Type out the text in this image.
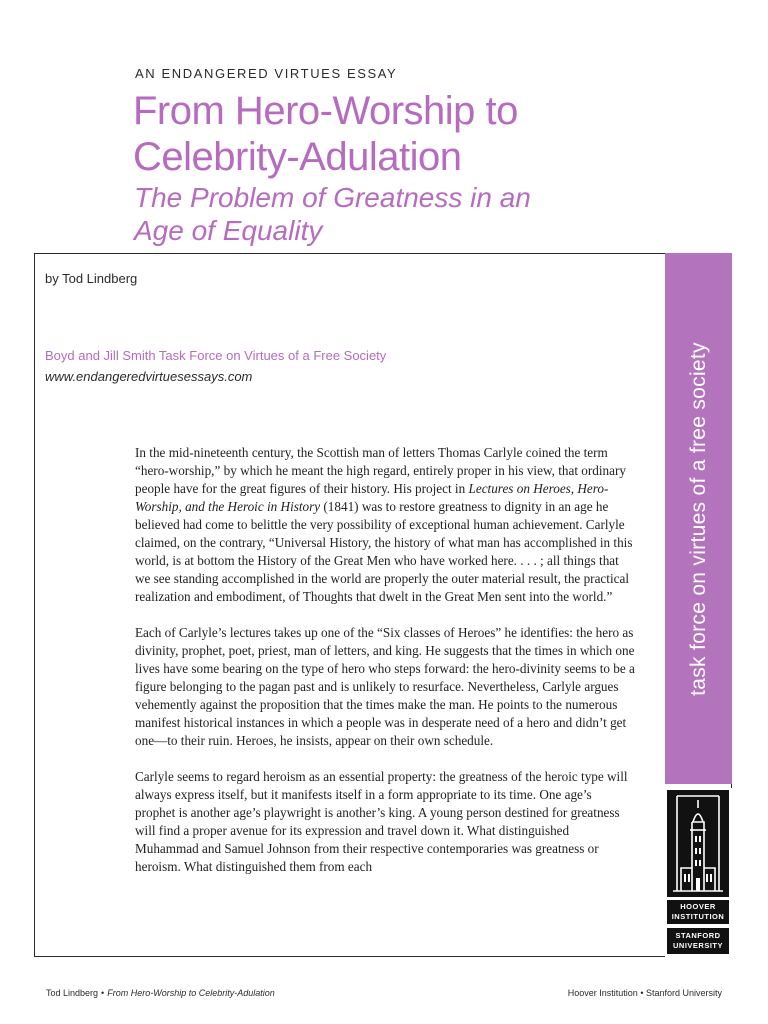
AN ENDANGERED VIRTUES ESSAY
From Hero-Worship to
Celebrity-Adulation
The Problem of Greatness in an
Age of Equality
by Tod Lindberg
Boyd and Jill Smith Task Force on Virtues of a Free Society
www.endangeredvirtuesessays.com

In the mid-nineteenth century, the Scottish man of letters Thomas Carlyle coined the term “hero-worship,” by which he meant the high regard, entirely proper in his view, that ordinary people have for the great figures of their history. His project in Lectures on Heroes, Hero-Worship, and the Heroic in History (1841) was to restore greatness to dignity in an age he believed had come to belittle the very possibility of exceptional human achievement. Carlyle claimed, on the contrary, “Universal History, the history of what man has accomplished in this world, is at bottom the History of the Great Men who have worked here. . . . ; all things that we see standing accomplished in the world are properly the outer material result, the practical realization and embodiment, of Thoughts that dwelt in the Great Men sent into the world.”

Each of Carlyle’s lectures takes up one of the “Six classes of Heroes” he identifies: the hero as divinity, prophet, poet, priest, man of letters, and king. He suggests that the times in which one lives have some bearing on the type of hero who steps forward: the hero-divinity seems to be a figure belonging to the pagan past and is unlikely to resurface. Nevertheless, Carlyle argues vehemently against the proposition that the times make the man. He points to the numerous manifest historical instances in which a people was in desperate need of a hero and didn’t get one—to their ruin. Heroes, he insists, appear on their own schedule.

Carlyle seems to regard heroism as an essential property: the greatness of the heroic type will always express itself, but it manifests itself in a form appropriate to its time. One age’s prophet is another age’s playwright is another’s king. A young person destined for greatness will find a proper avenue for its expression and travel down it. What distinguished Muhammad and Samuel Johnson from their respective contemporaries was greatness or heroism. What distinguished them from each

task force on virtues of a free society
HOOVER
INSTITUTION
STANFORD
UNIVERSITY
Tod Lindberg • From Hero-Worship to Celebrity-Adulation	Hoover Institution • Stanford University
